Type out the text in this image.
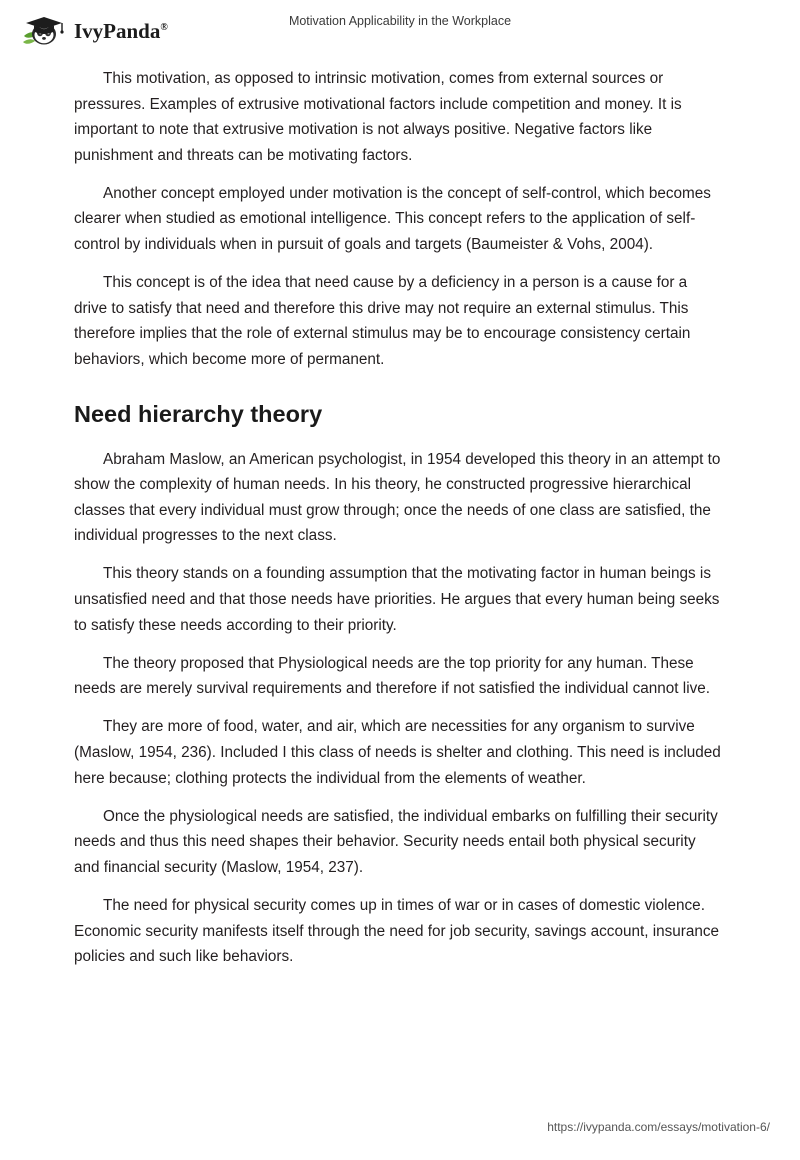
IvyPanda®	Motivation Applicability in the Workplace

This motivation, as opposed to intrinsic motivation, comes from external sources or pressures. Examples of extrusive motivational factors include competition and money. It is important to note that extrusive motivation is not always positive. Negative factors like punishment and threats can be motivating factors.

Another concept employed under motivation is the concept of self-control, which becomes clearer when studied as emotional intelligence. This concept refers to the application of self-control by individuals when in pursuit of goals and targets (Baumeister & Vohs, 2004).

This concept is of the idea that need cause by a deficiency in a person is a cause for a drive to satisfy that need and therefore this drive may not require an external stimulus. This therefore implies that the role of external stimulus may be to encourage consistency certain behaviors, which become more of permanent.

Need hierarchy theory

Abraham Maslow, an American psychologist, in 1954 developed this theory in an attempt to show the complexity of human needs. In his theory, he constructed progressive hierarchical classes that every individual must grow through; once the needs of one class are satisfied, the individual progresses to the next class.

This theory stands on a founding assumption that the motivating factor in human beings is unsatisfied need and that those needs have priorities. He argues that every human being seeks to satisfy these needs according to their priority.

The theory proposed that Physiological needs are the top priority for any human. These needs are merely survival requirements and therefore if not satisfied the individual cannot live.

They are more of food, water, and air, which are necessities for any organism to survive (Maslow, 1954, 236). Included I this class of needs is shelter and clothing. This need is included here because; clothing protects the individual from the elements of weather.

Once the physiological needs are satisfied, the individual embarks on fulfilling their security needs and thus this need shapes their behavior. Security needs entail both physical security and financial security (Maslow, 1954, 237).

The need for physical security comes up in times of war or in cases of domestic violence. Economic security manifests itself through the need for job security, savings account, insurance policies and such like behaviors.

https://ivypanda.com/essays/motivation-6/
